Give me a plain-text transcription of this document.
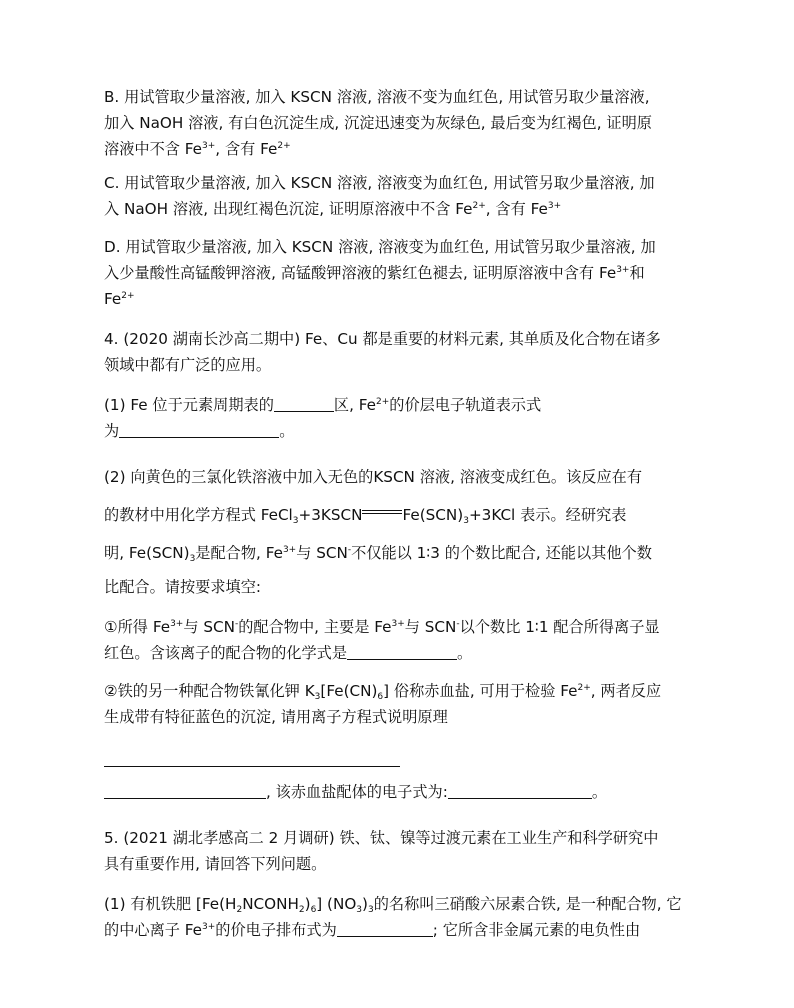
B. 用试管取少量溶液, 加入 KSCN 溶液, 溶液不变为血红色, 用试管另取少量溶液,
加入 NaOH 溶液, 有白色沉淀生成, 沉淀迅速变为灰绿色, 最后变为红褐色, 证明原
溶液中不含 $Fe^{3+}$, 含有 $Fe^{2+}$

C. 用试管取少量溶液, 加入 KSCN 溶液, 溶液变为血红色, 用试管另取少量溶液, 加
入 NaOH 溶液, 出现红褐色沉淀, 证明原溶液中不含 $Fe^{2+}$, 含有 $Fe^{3+}$

D. 用试管取少量溶液, 加入 KSCN 溶液, 溶液变为血红色, 用试管另取少量溶液, 加
入少量酸性高锰酸钾溶液, 高锰酸钾溶液的紫红色褪去, 证明原溶液中含有 $Fe^{3+}$和
$Fe^{2+}$

4. (2020 湖南长沙高二期中) Fe、Cu 都是重要的材料元素, 其单质及化合物在诸多
领域中都有广泛的应用。

(1) Fe 位于元素周期表的	区, $Fe^{2+}$的价层电子轨道表示式
为	。

(2) 向黄色的三氯化铁溶液中加入无色的KSCN 溶液, 溶液变成红色。该反应在有
的教材中用化学方程式 FeCl$_3$+3KSCN	$Fe(SCN)_3+3KCl$ 表示。经研究表
明, $Fe(SCN)_3$是配合物, $Fe^{3+}$与 SCN-不仅能以 1∶3 的个数比配合, 还能以其他个数
比配合。请按要求填空:

①所得 $Fe^{3+}$与 SCN-的配合物中, 主要是 $Fe^{3+}$与 SCN-以个数比 1∶1 配合所得离子显
红色。含该离子的配合物的化学式是	。

②铁的另一种配合物铁氰化钾 $K_3[Fe(CN)_6]$ 俗称赤血盐, 可用于检验 $Fe^{2+}$, 两者反应
生成带有特征蓝色的沉淀, 请用离子方程式说明原理

, 该赤血盐配体的电子式为:	。

5. (2021 湖北孝感高二 2 月调研) 铁、钛、镍等过渡元素在工业生产和科学研究中
具有重要作用, 请回答下列问题。

(1) 有机铁肥 $[Fe(H_2NCONH_2)_6]$ $(NO_3)_3$的名称叫三硝酸六尿素合铁, 是一种配合物, 它
的中心离子 $Fe^{3+}$的价电子排布式为	; 它所含非金属元素的电负性由
